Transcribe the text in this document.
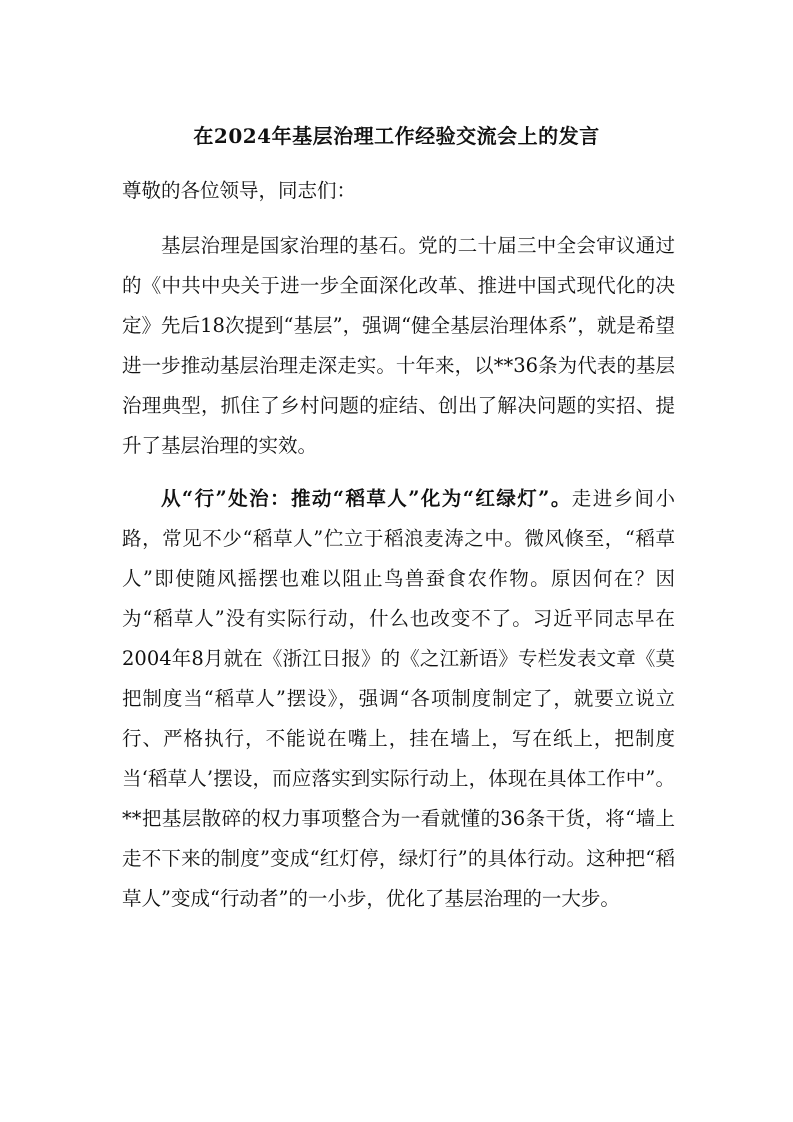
在2024年基层治理工作经验交流会上的发言
尊敬的各位领导，同志们：
基层治理是国家治理的基石。党的二十届三中全会审议通过的《中共中央关于进一步全面深化改革、推进中国式现代化的决定》先后18次提到“基层”，强调“健全基层治理体系”，就是希望进一步推动基层治理走深走实。十年来，以**36条为代表的基层治理典型，抓住了乡村问题的症结、创出了解决问题的实招、提升了基层治理的实效。
从“行”处治：推动“稻草人”化为“红绿灯”。走进乡间小路，常见不少“稻草人”伫立于稻浪麦涛之中。微风倏至，“稻草人”即使随风摇摆也难以阻止鸟兽蚕食农作物。原因何在？因为“稻草人”没有实际行动，什么也改变不了。习近平同志早在2004年8月就在《浙江日报》的《之江新语》专栏发表文章《莫把制度当“稻草人”摆设》，强调“各项制度制定了，就要立说立行、严格执行，不能说在嘴上，挂在墙上，写在纸上，把制度当‘稻草人’摆设，而应落实到实际行动上，体现在具体工作中”。**把基层散碎的权力事项整合为一看就懂的36条干货，将“墙上走不下来的制度”变成“红灯停，绿灯行”的具体行动。这种把“稻草人”变成“行动者”的一小步，优化了基层治理的一大步。
